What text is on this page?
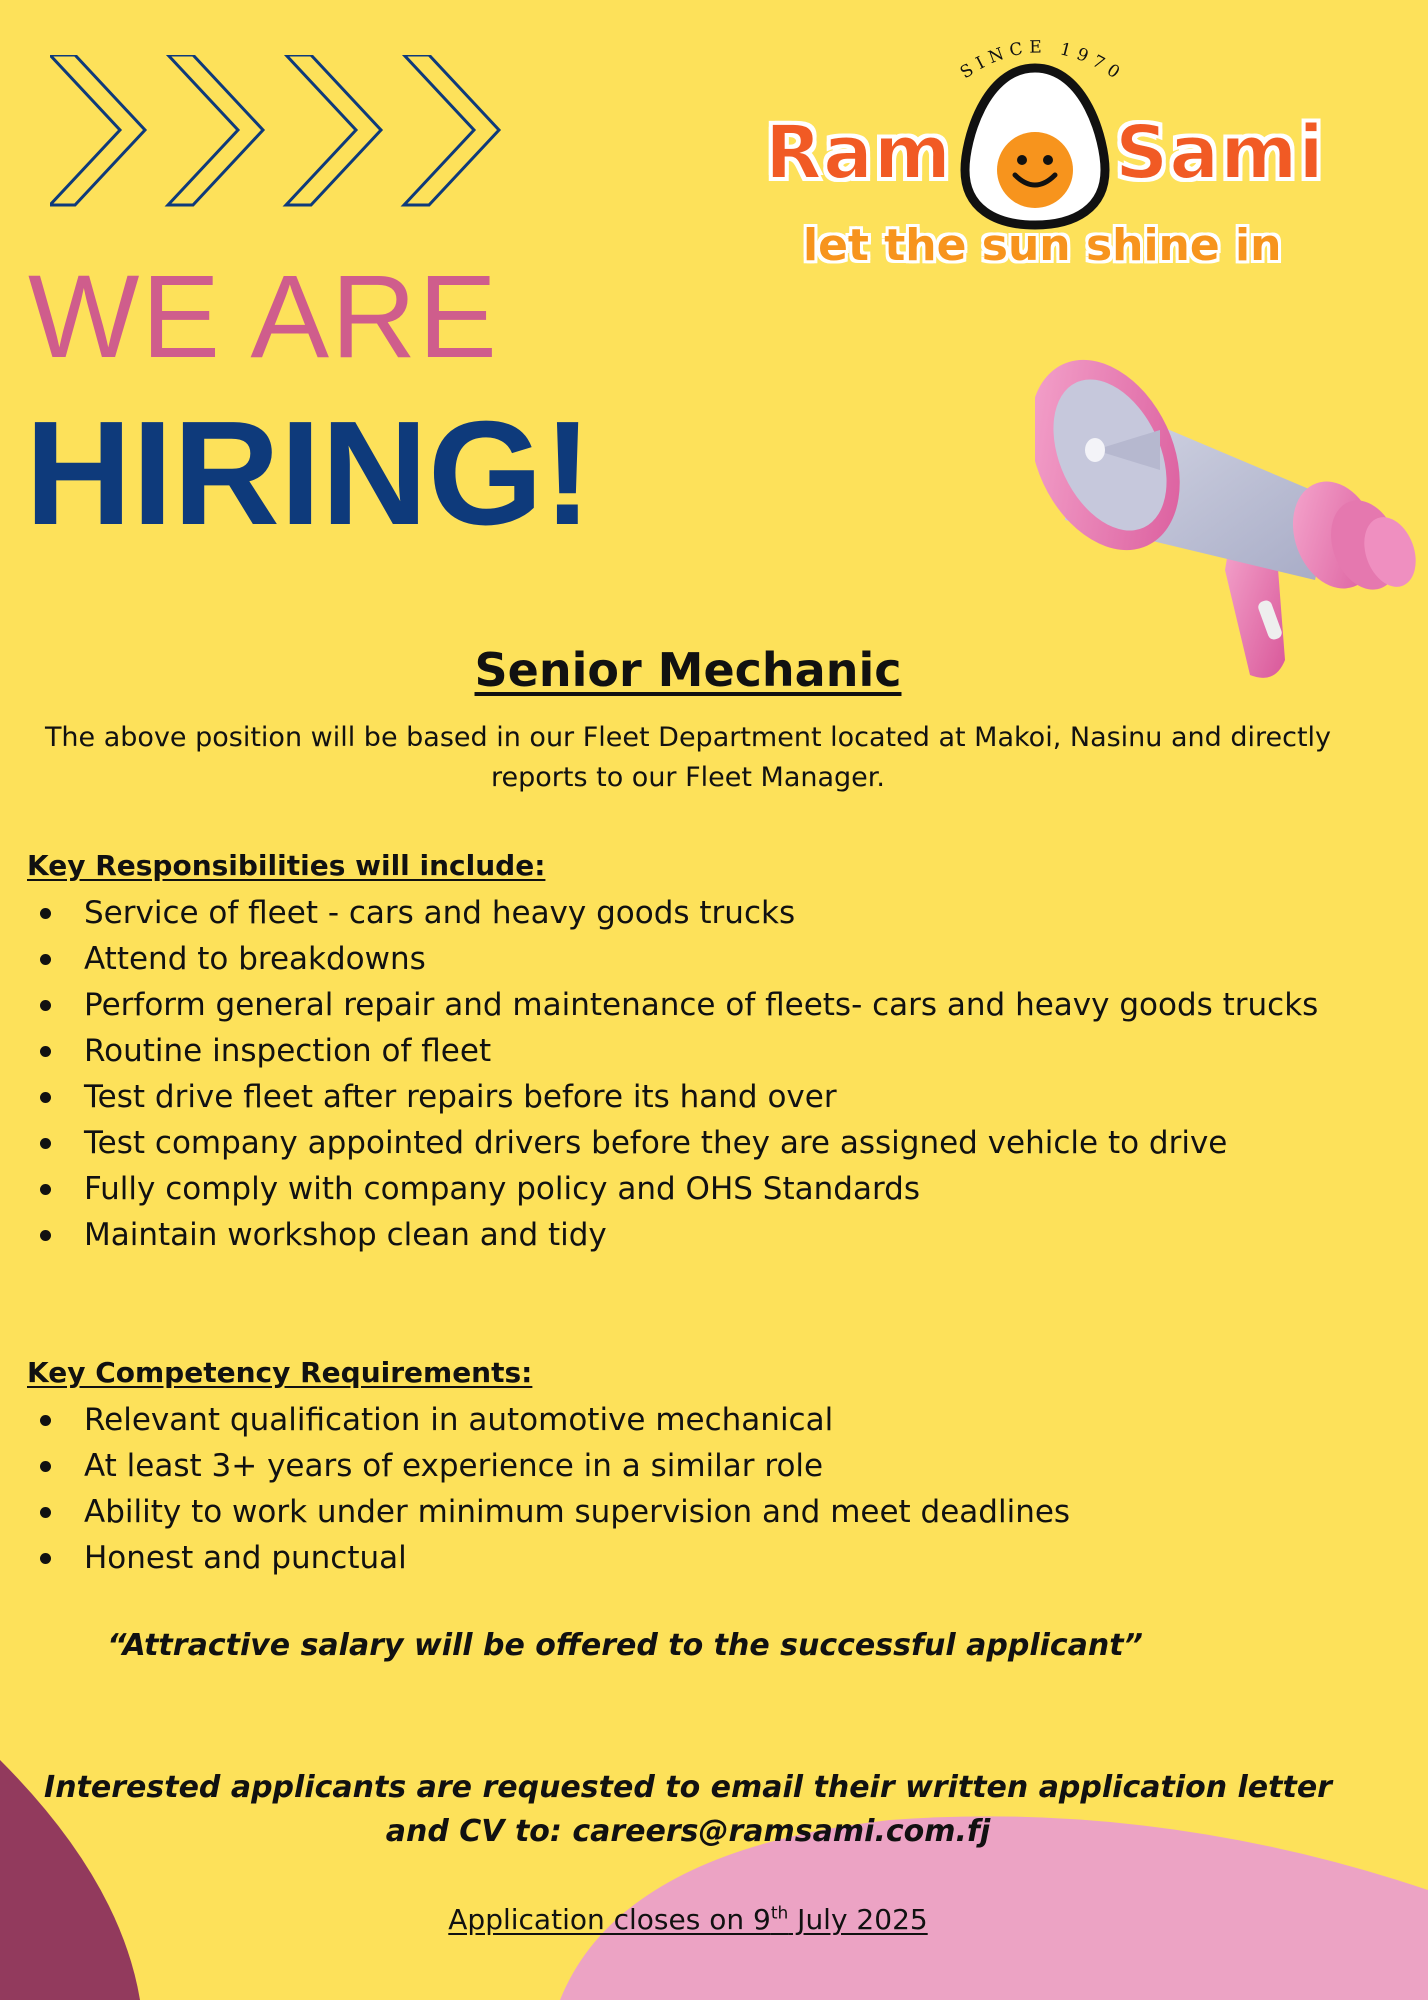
SINCE 1970
Ram Sami
let the sun shine in
WE ARE
HIRING!
Senior Mechanic

The above position will be based in our Fleet Department located at Makoi, Nasinu and directly reports to our Fleet Manager.

Key Responsibilities will include:
Service of fleet - cars and heavy goods trucks
Attend to breakdowns
Perform general repair and maintenance of fleets- cars and heavy goods trucks
Routine inspection of fleet
Test drive fleet after repairs before its hand over
Test company appointed drivers before they are assigned vehicle to drive
Fully comply with company policy and OHS Standards
Maintain workshop clean and tidy
Key Competency Requirements:
Relevant qualification in automotive mechanical
At least 3+ years of experience in a similar role
Ability to work under minimum supervision and meet deadlines
Honest and punctual

“Attractive salary will be offered to the successful applicant”

Interested applicants are requested to email their written application letter
and CV to: careers@ramsami.com.fj

Application closes on 9th July 2025
